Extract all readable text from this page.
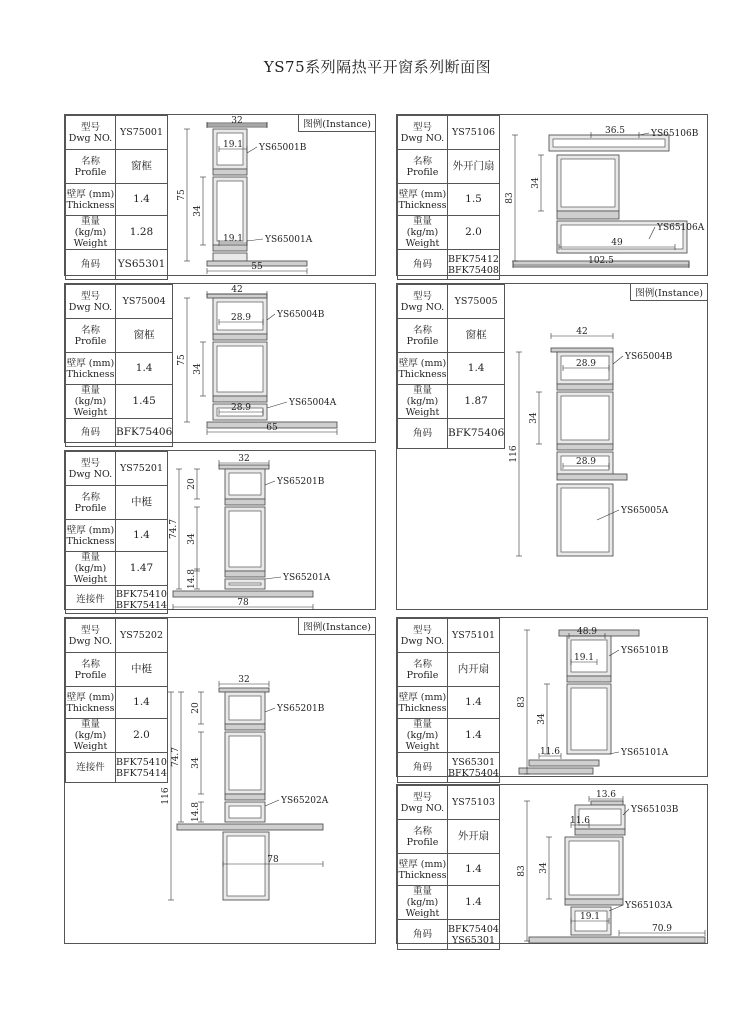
YS75系列隔热平开窗系列断面图
型号
Dwg NO.	YS75001

名称
Profile	窗框

壁厚 (mm)
Thickness	1.4

重量 (kg/m)
Weight	1.28
角码	YS65301
图例(Instance)
32
19.1
75
34
19.1
55
YS65001B
YS65001A
型号
Dwg NO.	YS75106

名称
Profile	外开门扇

壁厚 (mm)
Thickness	1.5

重量 (kg/m)
Weight	2.0
角码	BFK75412
BFK75408
36.5
83
34
49
102.5
YS65106B
YS65106A
型号
Dwg NO.	YS75004

名称
Profile	窗框

壁厚 (mm)
Thickness	1.4

重量 (kg/m)
Weight	1.45
角码	BFK75406
42
28.9
75
34
28.9
65
YS65004B
YS65004A
型号
Dwg NO.	YS75005

名称
Profile	窗框

壁厚 (mm)
Thickness	1.4

重量 (kg/m)
Weight	1.87
角码	BFK75406
图例(Instance)
42
28.9
116
34
28.9
YS65004B
YS65005A
型号
Dwg NO.	YS75201

名称
Profile	中梃

壁厚 (mm)
Thickness	1.4

重量 (kg/m)
Weight	1.47
连接件	BFK75410
BFK75414
32
20
74.7 34
14.8
78
YS65201B
YS65201A
型号
Dwg NO.	YS75202

名称
Profile	中梃

壁厚 (mm)
Thickness	1.4

重量 (kg/m)
Weight	2.0
连接件	BFK75410
BFK75414
图例(Instance)
32
20
74.7 34
116
14.8
78
YS65201B
YS65202A
型号
Dwg NO.	YS75101

名称
Profile	内开扇

壁厚 (mm)
Thickness	1.4

重量 (kg/m)
Weight	1.4
角码	YS65301
BFK75404
48.9
19.1
83
34
11.6
YS65101B
YS65101A
型号
Dwg NO.	YS75103

名称
Profile	外开扇

壁厚 (mm)
Thickness	1.4

重量 (kg/m)
Weight	1.4
角码	BFK75404
YS65301
13.6
11.6
83 34
19.1
70.9
YS65103B
YS65103A
